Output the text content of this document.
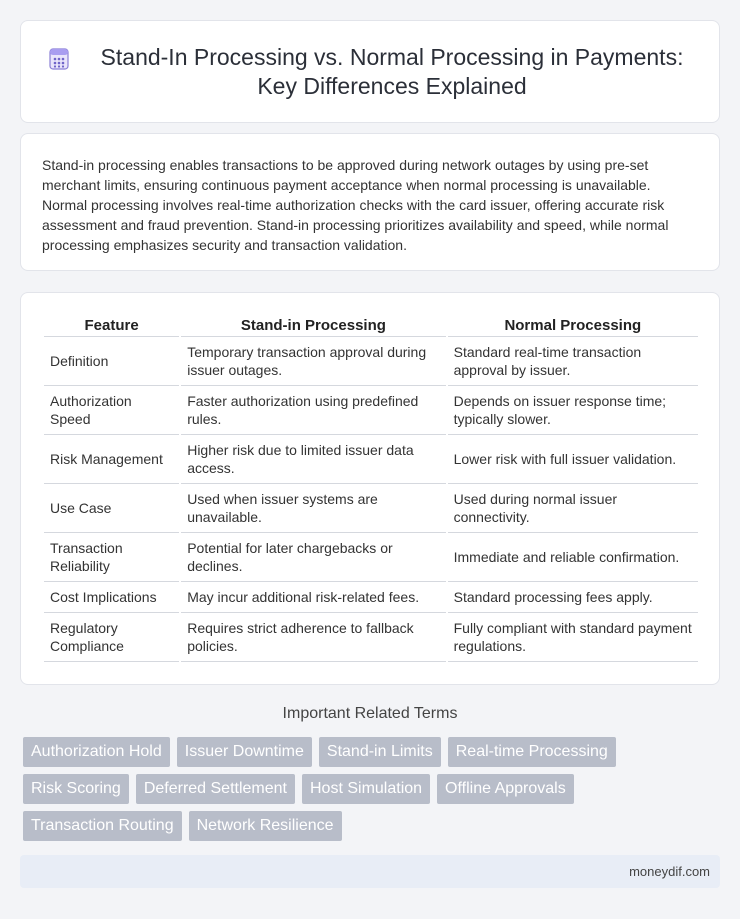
Stand-In Processing vs. Normal Processing in Payments: Key Differences Explained

Stand-in processing enables transactions to be approved during network outages by using pre-set merchant limits, ensuring continuous payment acceptance when normal processing is unavailable. Normal processing involves real-time authorization checks with the card issuer, offering accurate risk assessment and fraud prevention. Stand-in processing prioritizes availability and speed, while normal processing emphasizes security and transaction validation.

Feature	Stand-in Processing	Normal Processing
Definition	Temporary transaction approval during issuer outages.	Standard real-time transaction approval by issuer.
Authorization Speed	Faster authorization using predefined rules.	Depends on issuer response time; typically slower.
Risk Management	Higher risk due to limited issuer data access.	Lower risk with full issuer validation.
Use Case	Used when issuer systems are unavailable.	Used during normal issuer connectivity.
Transaction Reliability	Potential for later chargebacks or declines.	Immediate and reliable confirmation.
Cost Implications	May incur additional risk-related fees.	Standard processing fees apply.
Regulatory Compliance	Requires strict adherence to fallback policies.	Fully compliant with standard payment regulations.
Important Related Terms
Authorization Hold	Issuer Downtime	Stand-in Limits	Real-time Processing
Risk Scoring	Deferred Settlement	Host Simulation	Offline Approvals
Transaction Routing	Network Resilience
moneydif.com
